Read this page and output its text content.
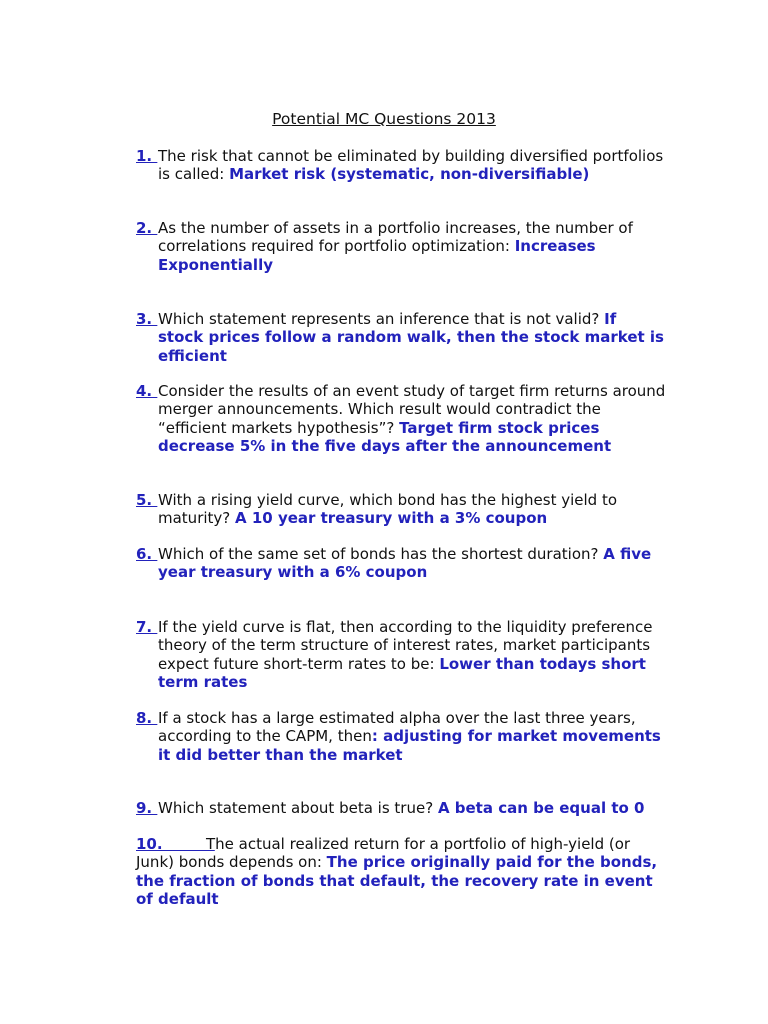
Potential MC Questions 2013
1. The risk that cannot be eliminated by building diversified portfolios is called: Market risk (systematic, non-diversifiable)
2. As the number of assets in a portfolio increases, the number of correlations required for portfolio optimization: Increases Exponentially
3. Which statement represents an inference that is not valid? If stock prices follow a random walk, then the stock market is efficient
4. Consider the results of an event study of target firm returns around merger announcements. Which result would contradict the “efficient markets hypothesis”? Target firm stock prices decrease 5% in the five days after the announcement
5. With a rising yield curve, which bond has the highest yield to maturity? A 10 year treasury with a 3% coupon
6. Which of the same set of bonds has the shortest duration? A five year treasury with a 6% coupon
7. If the yield curve is flat, then according to the liquidity preference theory of the term structure of interest rates, market participants expect future short-term rates to be: Lower than todays short term rates
8. If a stock has a large estimated alpha over the last three years, according to the CAPM, then: adjusting for market movements it did better than the market
9. Which statement about beta is true? A beta can be equal to 0
10.
The actual realized return for a portfolio of high-yield (or Junk) bonds depends on: The price originally paid for the bonds, the fraction of bonds that default, the recovery rate in event of default
